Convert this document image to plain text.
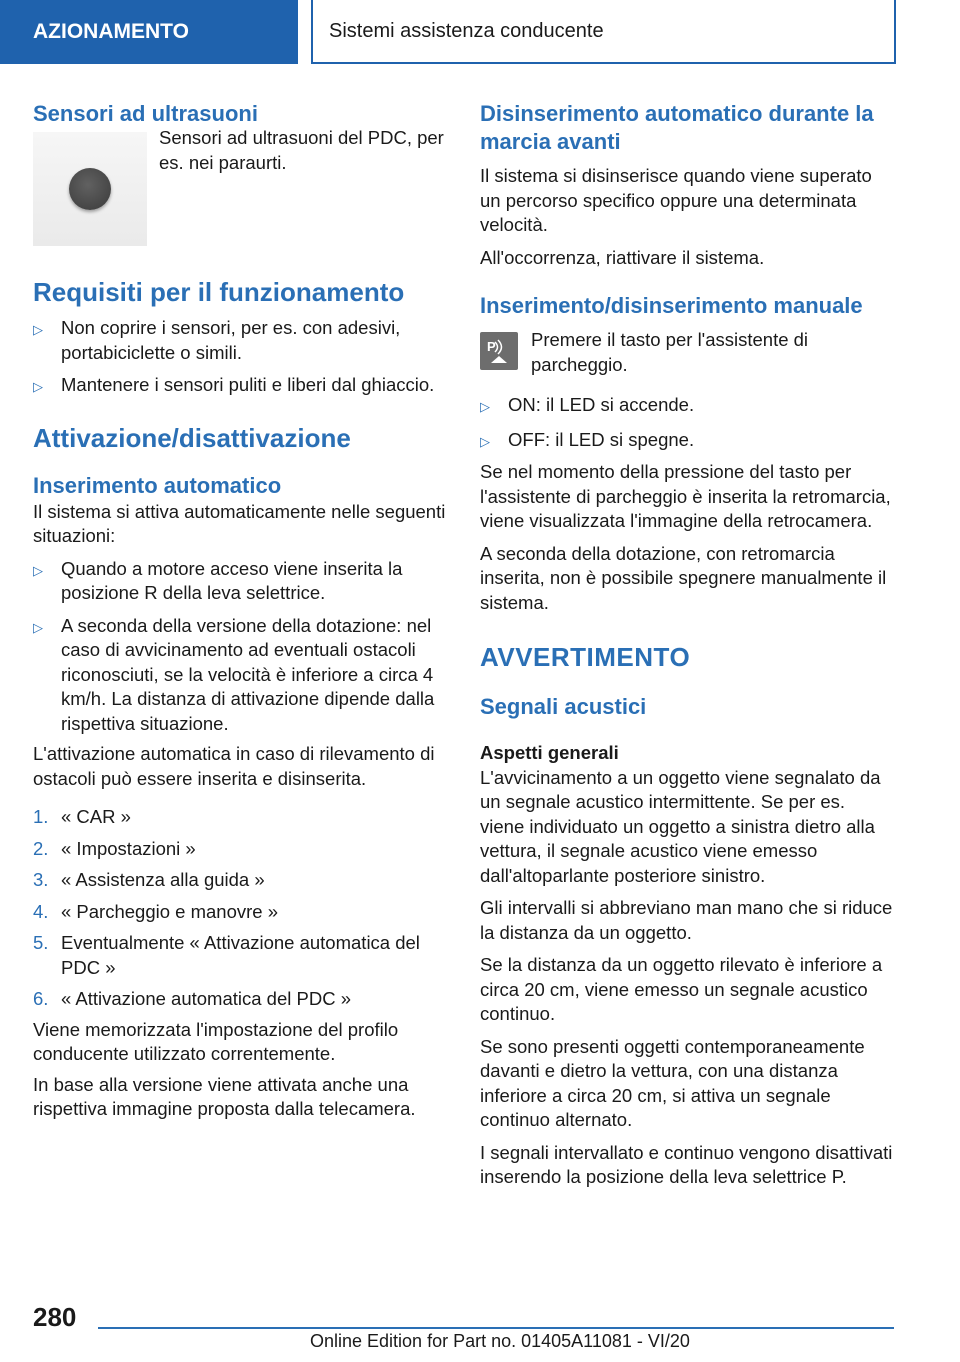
AZIONAMENTO	Sistemi assistenza conducente
Sensori ad ultrasuoni

Sensori ad ultrasuoni del PDC, per es. nei paraurti.

Requisiti per il funzionamento
▷ Non coprire i sensori, per es. con adesivi, portabiciclette o simili.
▷ Mantenere i sensori puliti e liberi dal ghiaccio.
Attivazione/disattivazione
Inserimento automatico

Il sistema si attiva automaticamente nelle seguenti situazioni:

▷ Quando a motore acceso viene inserita la posizione R della leva selettrice.
▷ A seconda della versione della dotazione: nel caso di avvicinamento ad eventuali ostacoli riconosciuti, se la velocità è inferiore a circa 4 km/h. La distanza di attivazione dipende dalla rispettiva situazione.

L'attivazione automatica in caso di rilevamento di ostacoli può essere inserita e disinserita.

1. « CAR »
2. « Impostazioni »
3. « Assistenza alla guida »
4. « Parcheggio e manovre »
5. Eventualmente « Attivazione automatica del PDC »
6. « Attivazione automatica del PDC »

Viene memorizzata l'impostazione del profilo conducente utilizzato correntemente.

In base alla versione viene attivata anche una rispettiva immagine proposta dalla telecamera.

Disinserimento automatico durante la marcia avanti

Il sistema si disinserisce quando viene superato un percorso specifico oppure una determinata velocità.

All'occorrenza, riattivare il sistema.

Inserimento/disinserimento manuale
P Premere il tasto per l'assistente di parcheggio.

▷ ON: il LED si accende.
▷ OFF: il LED si spegne.

Se nel momento della pressione del tasto per l'assistente di parcheggio è inserita la retromarcia, viene visualizzata l'immagine della retrocamera.

A seconda della dotazione, con retromarcia inserita, non è possibile spegnere manualmente il sistema.

AVVERTIMENTO
Segnali acustici

Aspetti generali

L'avvicinamento a un oggetto viene segnalato da un segnale acustico intermittente. Se per es. viene individuato un oggetto a sinistra dietro alla vettura, il segnale acustico viene emesso dall'altoparlante posteriore sinistro.

Gli intervalli si abbreviano man mano che si riduce la distanza da un oggetto.

Se la distanza da un oggetto rilevato è inferiore a circa 20 cm, viene emesso un segnale acustico continuo.

Se sono presenti oggetti contemporaneamente davanti e dietro la vettura, con una distanza inferiore a circa 20 cm, si attiva un segnale continuo alternato.

I segnali intervallato e continuo vengono disattivati inserendo la posizione della leva selettrice P.

280
Online Edition for Part no. 01405A11081 - VI/20
